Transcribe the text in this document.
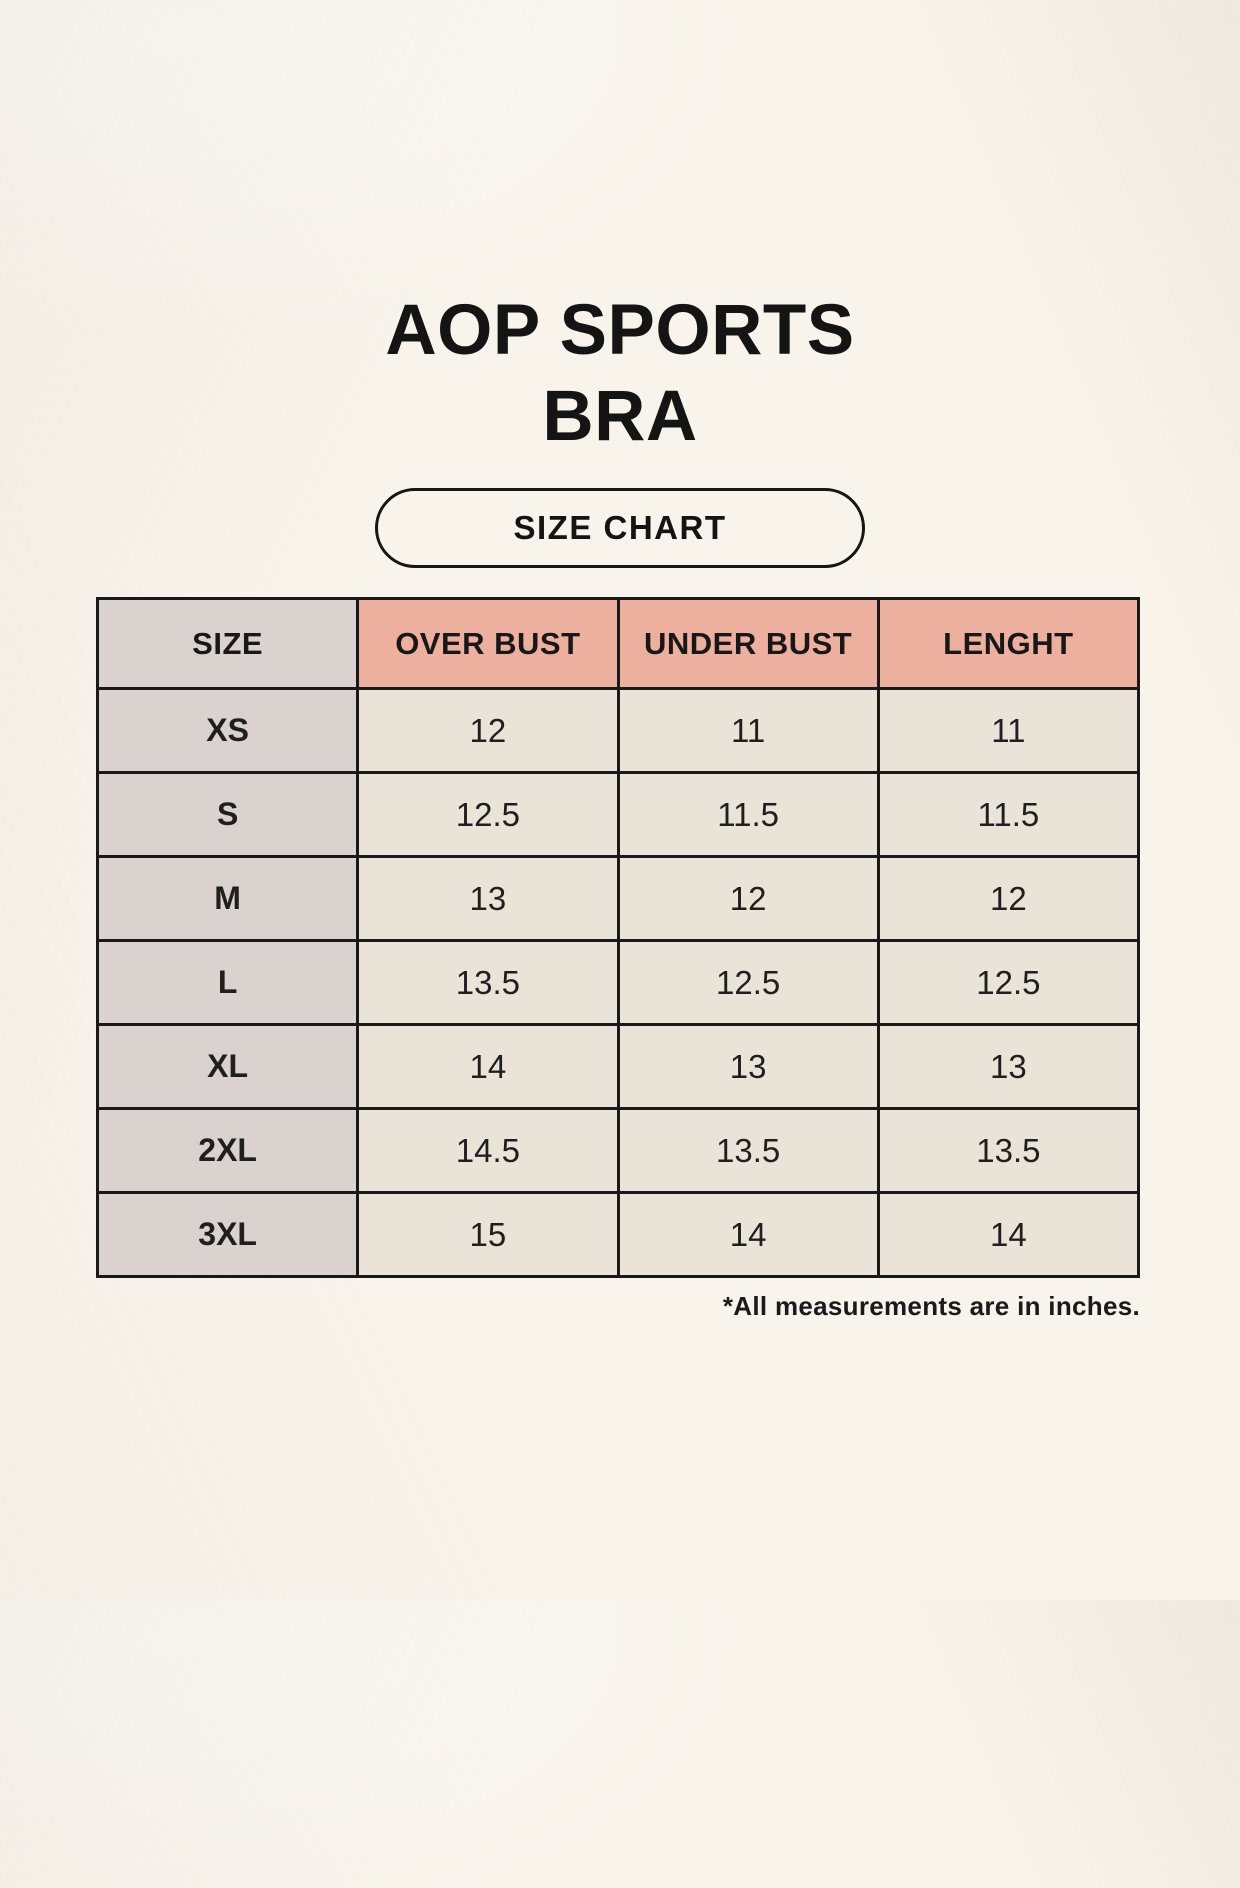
AOP SPORTS
BRA
SIZE CHART
SIZE	OVER BUST	UNDER BUST	LENGHT
XS	12	11	11
S	12.5	11.5	11.5
M	13	12	12
L	13.5	12.5	12.5
XL	14	13	13
2XL	14.5	13.5	13.5
3XL	15	14	14
*All measurements are in inches.
